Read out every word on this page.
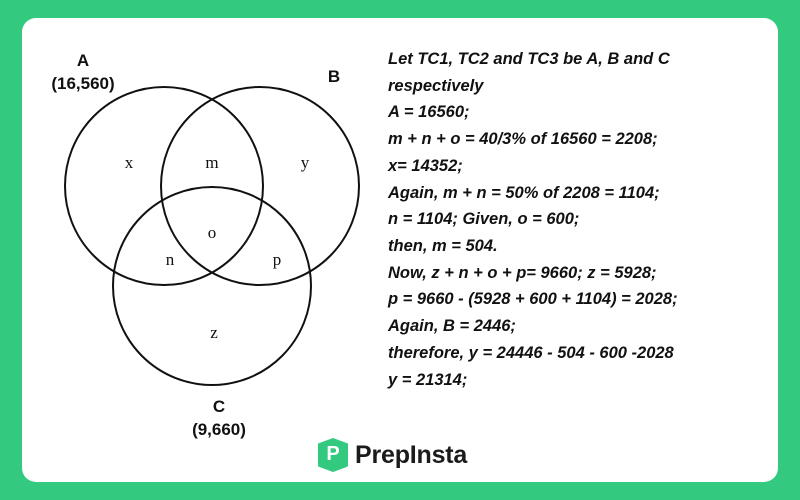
x	m	y
o
n	p
z
A
(16,560)	B
C
(9,660)
Let TC1, TC2 and TC3 be A, B and C
respectively
A = 16560;
m + n + o = 40/3% of 16560 = 2208;
x= 14352;
Again, m + n = 50% of 2208 = 1104;
n = 1104; Given, o = 600;
then, m = 504.
Now, z + n + o + p= 9660; z = 5928;
p = 9660 - (5928 + 600 + 1104) = 2028;
Again, B = 2446;
therefore, y = 24446 - 504 - 600 -2028
y = 21314;
P
PrepInsta
